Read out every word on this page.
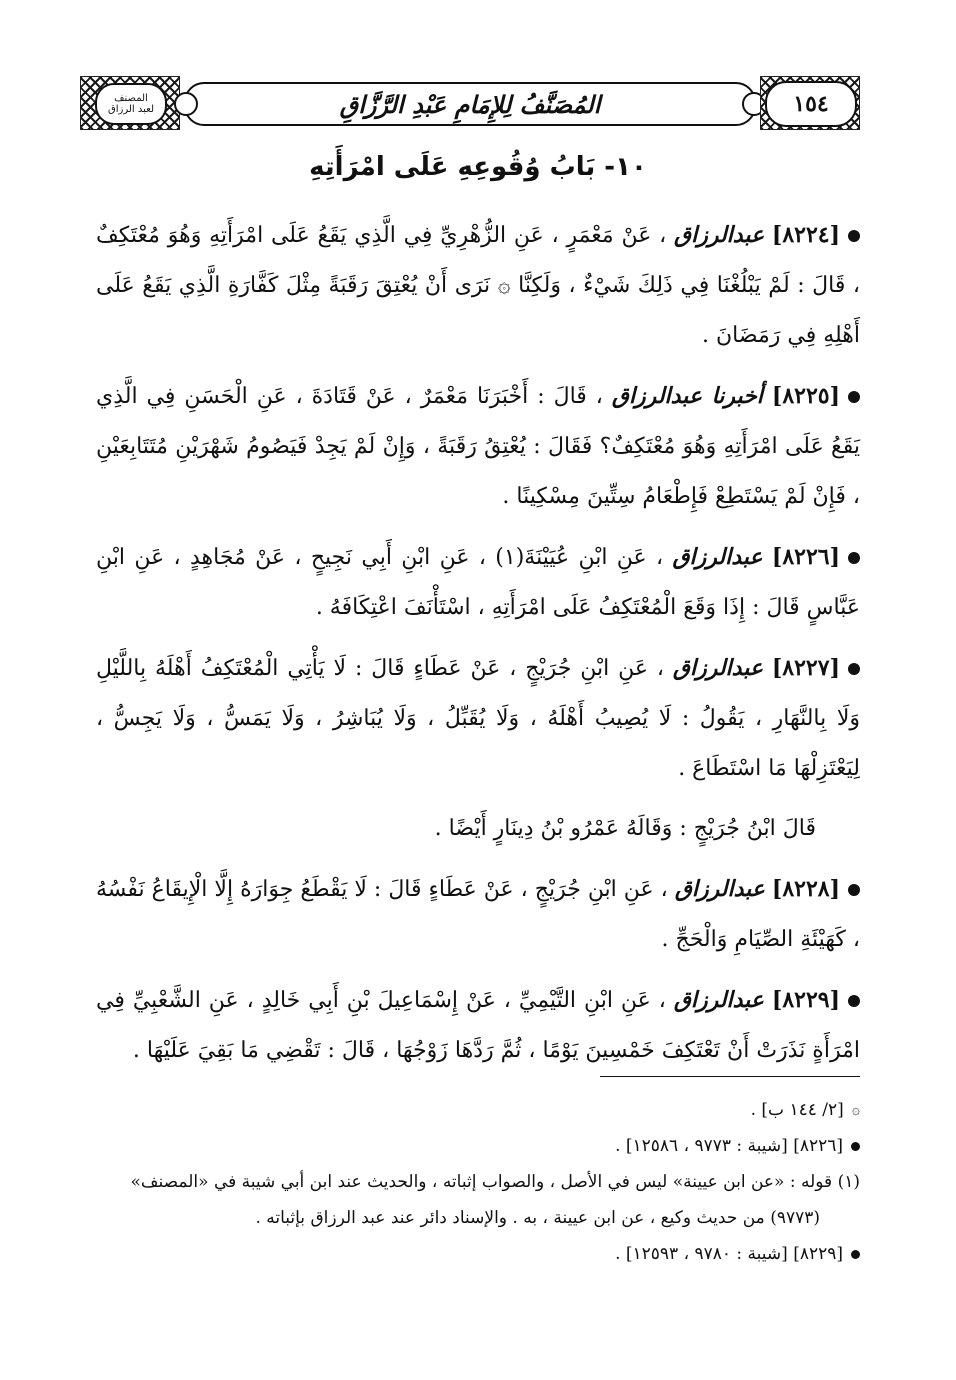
المصنف
لعبد الرزاق	المُصَنَّفُ لِلإِمَامِ عَبْدِ الرَّزَّاقِ	١٥٤
١٠- بَابُ وُقُوعِهِ عَلَى امْرَأَتِهِ

[٨٢٢٤] عبدالرزاق ، عَنْ مَعْمَرٍ ، عَنِ الزُّهْرِيِّ فِي الَّذِي يَقَعُ عَلَى امْرَأَتِهِ وَهُوَ مُعْتَكِفٌ ، قَالَ : لَمْ يَبْلُغْنَا فِي ذَلِكَ شَيْءٌ ، وَلَكِنَّا ۞ نَرَى أَنْ يُعْتِقَ رَقَبَةً مِثْلَ كَفَّارَةِ الَّذِي يَقَعُ عَلَى أَهْلِهِ فِي رَمَضَانَ .

[٨٢٢٥] أخبرنا عبدالرزاق ، قَالَ : أَخْبَرَنَا مَعْمَرٌ ، عَنْ قَتَادَةَ ، عَنِ الْحَسَنِ فِي الَّذِي يَقَعُ عَلَى امْرَأَتِهِ وَهُوَ مُعْتَكِفٌ؟ فَقَالَ : يُعْتِقُ رَقَبَةً ، وَإِنْ لَمْ يَجِدْ فَيَصُومُ شَهْرَيْنِ مُتَتَابِعَيْنِ ، فَإِنْ لَمْ يَسْتَطِعْ فَإِطْعَامُ سِتِّينَ مِسْكِينًا .

[٨٢٢٦] عبدالرزاق ، عَنِ ابْنِ عُيَيْنَةَ(١) ، عَنِ ابْنِ أَبِي نَجِيحٍ ، عَنْ مُجَاهِدٍ ، عَنِ ابْنِ عَبَّاسٍ قَالَ : إِذَا وَقَعَ الْمُعْتَكِفُ عَلَى امْرَأَتِهِ ، اسْتَأْنَفَ اعْتِكَافَهُ .

[٨٢٢٧] عبدالرزاق ، عَنِ ابْنِ جُرَيْجٍ ، عَنْ عَطَاءٍ قَالَ : لَا يَأْتِي الْمُعْتَكِفُ أَهْلَهُ بِاللَّيْلِ وَلَا بِالنَّهَارِ ، يَقُولُ : لَا يُصِيبُ أَهْلَهُ ، وَلَا يُقَبِّلُ ، وَلَا يُبَاشِرُ ، وَلَا يَمَسُّ ، وَلَا يَجِسُّ ، لِيَعْتَزِلْهَا مَا اسْتَطَاعَ .

قَالَ ابْنُ جُرَيْجٍ : وَقَالَهُ عَمْرُو بْنُ دِينَارٍ أَيْضًا .

[٨٢٢٨] عبدالرزاق ، عَنِ ابْنِ جُرَيْجٍ ، عَنْ عَطَاءٍ قَالَ : لَا يَقْطَعُ جِوَارَهُ إِلَّا الْإِيقَاعُ نَفْسُهُ ، كَهَيْئَةِ الصِّيَامِ وَالْحَجِّ .

[٨٢٢٩] عبدالرزاق ، عَنِ ابْنِ التَّيْمِيِّ ، عَنْ إِسْمَاعِيلَ بْنِ أَبِي خَالِدٍ ، عَنِ الشَّعْبِيِّ فِي امْرَأَةٍ نَذَرَتْ أَنْ تَعْتَكِفَ خَمْسِينَ يَوْمًا ، ثُمَّ رَدَّهَا زَوْجُهَا ، قَالَ : تَقْضِي مَا بَقِيَ عَلَيْهَا .

۞
[٢/ ١٤٤ ب] .
[٨٢٢٦] [شيبة : ٩٧٧٣ ، ١٢٥٨٦] .
(١) قوله : «عن ابن عيينة» ليس في الأصل ، والصواب إثباته ، والحديث عند ابن أبي شيبة في «المصنف»
(٩٧٧٣) من حديث وكيع ، عن ابن عيينة ، به . والإسناد دائر عند عبد الرزاق بإثباته .
[٨٢٢٩] [شيبة : ٩٧٨٠ ، ١٢٥٩٣] .
